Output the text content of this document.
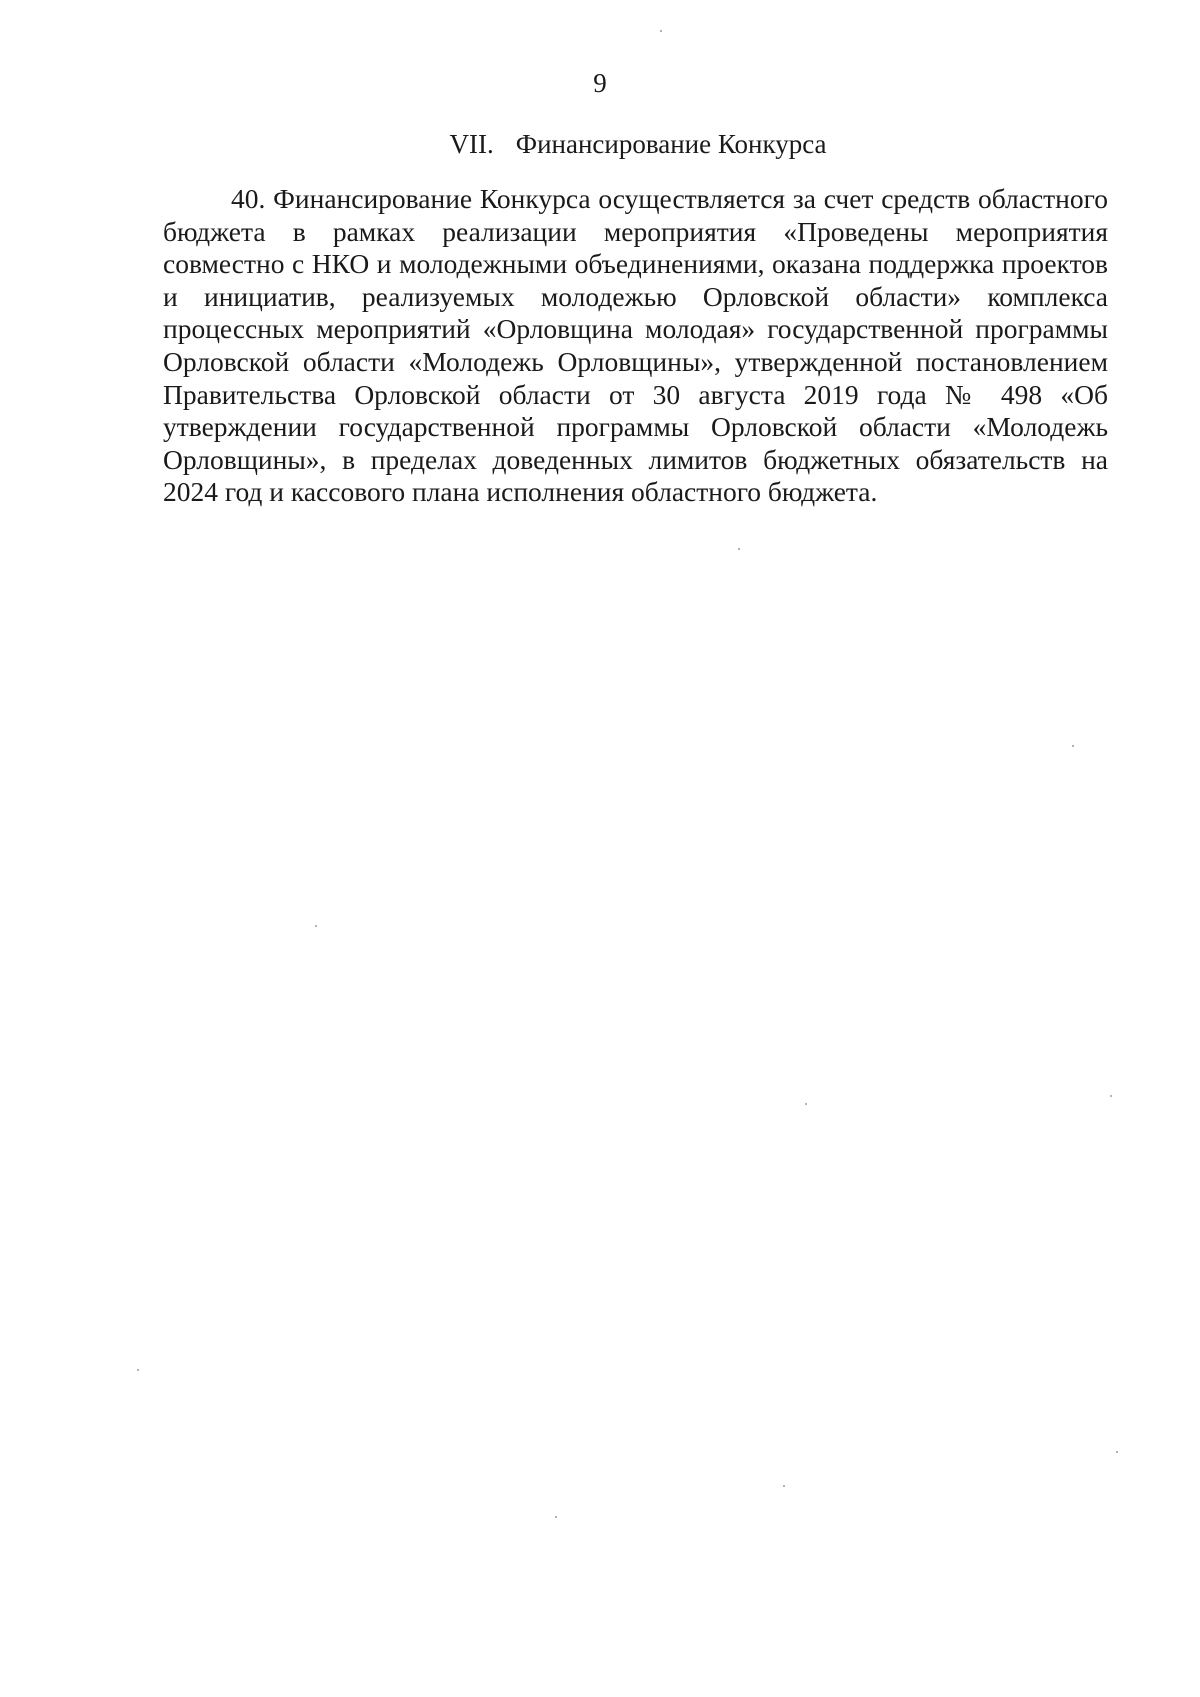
9
VII. Финансирование Конкурса

40. Финансирование Конкурса осуществляется за счет средств областного бюджета в рамках реализации мероприятия «Проведены мероприятия совместно с НКО и молодежными объединениями, оказана поддержка проектов и инициатив, реализуемых молодежью Орловской области» комплекса процессных мероприятий «Орловщина молодая» государственной программы Орловской области «Молодежь Орловщины», утвержденной постановлением Правительства Орловской области от 30 августа 2019 года № 498 «Об утверждении государственной программы Орловской области «Молодежь Орловщины», в пределах доведенных лимитов бюджетных обязательств на 2024 год и кассового плана исполнения областного бюджета.
